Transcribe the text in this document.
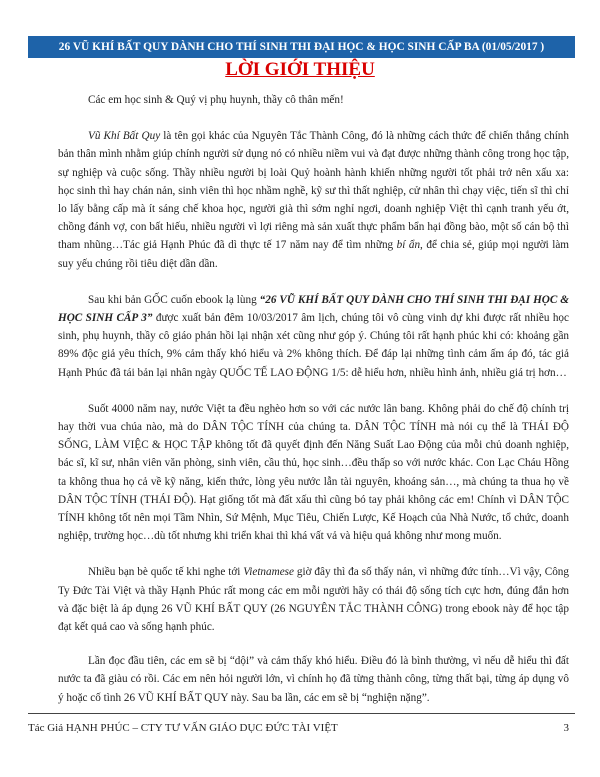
26 VŨ KHÍ BẤT QUY DÀNH CHO THÍ SINH THI ĐẠI HỌC & HỌC SINH CẤP BA (01/05/2017 )
LỜI GIỚI THIỆU

Các em học sinh & Quý vị phụ huynh, thầy cô thân mến!

Vũ Khí Bất Quy là tên gọi khác của Nguyên Tắc Thành Công, đó là những cách thức để chiến thắng chính bản thân mình nhằm giúp chính người sử dụng nó có nhiều niềm vui và đạt được những thành công trong học tập, sự nghiệp và cuộc sống. Thầy nhiều người bị loài Quỷ hoành hành khiến những người tốt phải trở nên xấu xa: học sinh thì hay chán nản, sinh viên thì học nhầm nghề, kỹ sư thì thất nghiệp, cử nhân thì chạy việc, tiến sĩ thì chỉ lo lấy bằng cấp mà ít sáng chế khoa học, người già thì sớm nghỉ ngơi, doanh nghiệp Việt thì cạnh tranh yếu ớt, chồng đánh vợ, con bất hiếu, nhiều người vì lợi riêng mà sản xuất thực phẩm bẩn hại đồng bào, một số cán bộ thì tham nhũng…Tác giả Hạnh Phúc đã dì thực tế 17 năm nay để tìm những bí ẩn, để chia sẻ, giúp mọi người làm suy yếu chúng rồi tiêu diệt dần dần.

Sau khi bản GỐC cuốn ebook lạ lùng “26 VŨ KHÍ BẤT QUY DÀNH CHO THÍ SINH THI ĐẠI HỌC & HỌC SINH CẤP 3” được xuất bản đêm 10/03/2017 âm lịch, chúng tôi vô cùng vinh dự khi được rất nhiều học sinh, phụ huynh, thầy cô giáo phản hồi lại nhận xét cũng như góp ý. Chúng tôi rất hạnh phúc khi có: khoảng gần 89% độc giả yêu thích, 9% cảm thấy khó hiểu và 2% không thích. Để đáp lại những tình cảm ấm áp đó, tác giả Hạnh Phúc đã tái bản lại nhân ngày QUỐC TẾ LAO ĐỘNG 1/5: dễ hiểu hơn, nhiều hình ảnh, nhiều giá trị hơn…

Suốt 4000 năm nay, nước Việt ta đều nghèo hơn so với các nước lân bang. Không phải do chế độ chính trị hay thời vua chúa nào, mà do DÂN TỘC TÍNH của chúng ta. DÂN TỘC TÍNH mà nói cụ thể là THÁI ĐỘ SỐNG, LÀM VIỆC & HỌC TẬP không tốt đã quyết định đến Năng Suất Lao Động của mỗi chủ doanh nghiệp, bác sĩ, kĩ sư, nhân viên văn phòng, sinh viên, cầu thủ, học sinh…đều thấp so với nước khác. Con Lạc Cháu Hồng ta không thua họ cả về kỹ năng, kiến thức, lòng yêu nước lẫn tài nguyên, khoáng sản…, mà chúng ta thua họ về DÂN TỘC TÍNH (THÁI ĐỘ). Hạt giống tốt mà đất xấu thì cũng bó tay phải không các em! Chính vì DÂN TỘC TÍNH không tốt nên mọi Tầm Nhìn, Sứ Mệnh, Mục Tiêu, Chiến Lược, Kế Hoạch của Nhà Nước, tổ chức, doanh nghiệp, trường học…dù tốt nhưng khi triển khai thì khá vất vả và hiệu quả không như mong muốn.

Nhiều bạn bè quốc tế khi nghe tới Vietnamese giờ đây thì đa số thấy nản, vì những đức tính…Vì vậy, Công Ty Đức Tài Việt và thầy Hạnh Phúc rất mong các em mỗi người hãy có thái độ sống tích cực hơn, đúng đắn hơn và đặc biệt là áp dụng 26 VŨ KHÍ BẤT QUY (26 NGUYÊN TẮC THÀNH CÔNG) trong ebook này để học tập đạt kết quả cao và sống hạnh phúc.

Lần đọc đầu tiên, các em sẽ bị “dội” và cảm thấy khó hiểu. Điều đó là bình thường, vì nếu dễ hiểu thì đất nước ta đã giàu có rồi. Các em nên hỏi người lớn, vì chính họ đã từng thành công, từng thất bại, từng áp dụng vô ý hoặc cố tình 26 VŨ KHÍ BẤT QUY này. Sau ba lần, các em sẽ bị “nghiện nặng”.

Tác Giả HẠNH PHÚC – CTY TƯ VẤN GIÁO DỤC ĐỨC TÀI VIỆT	3
